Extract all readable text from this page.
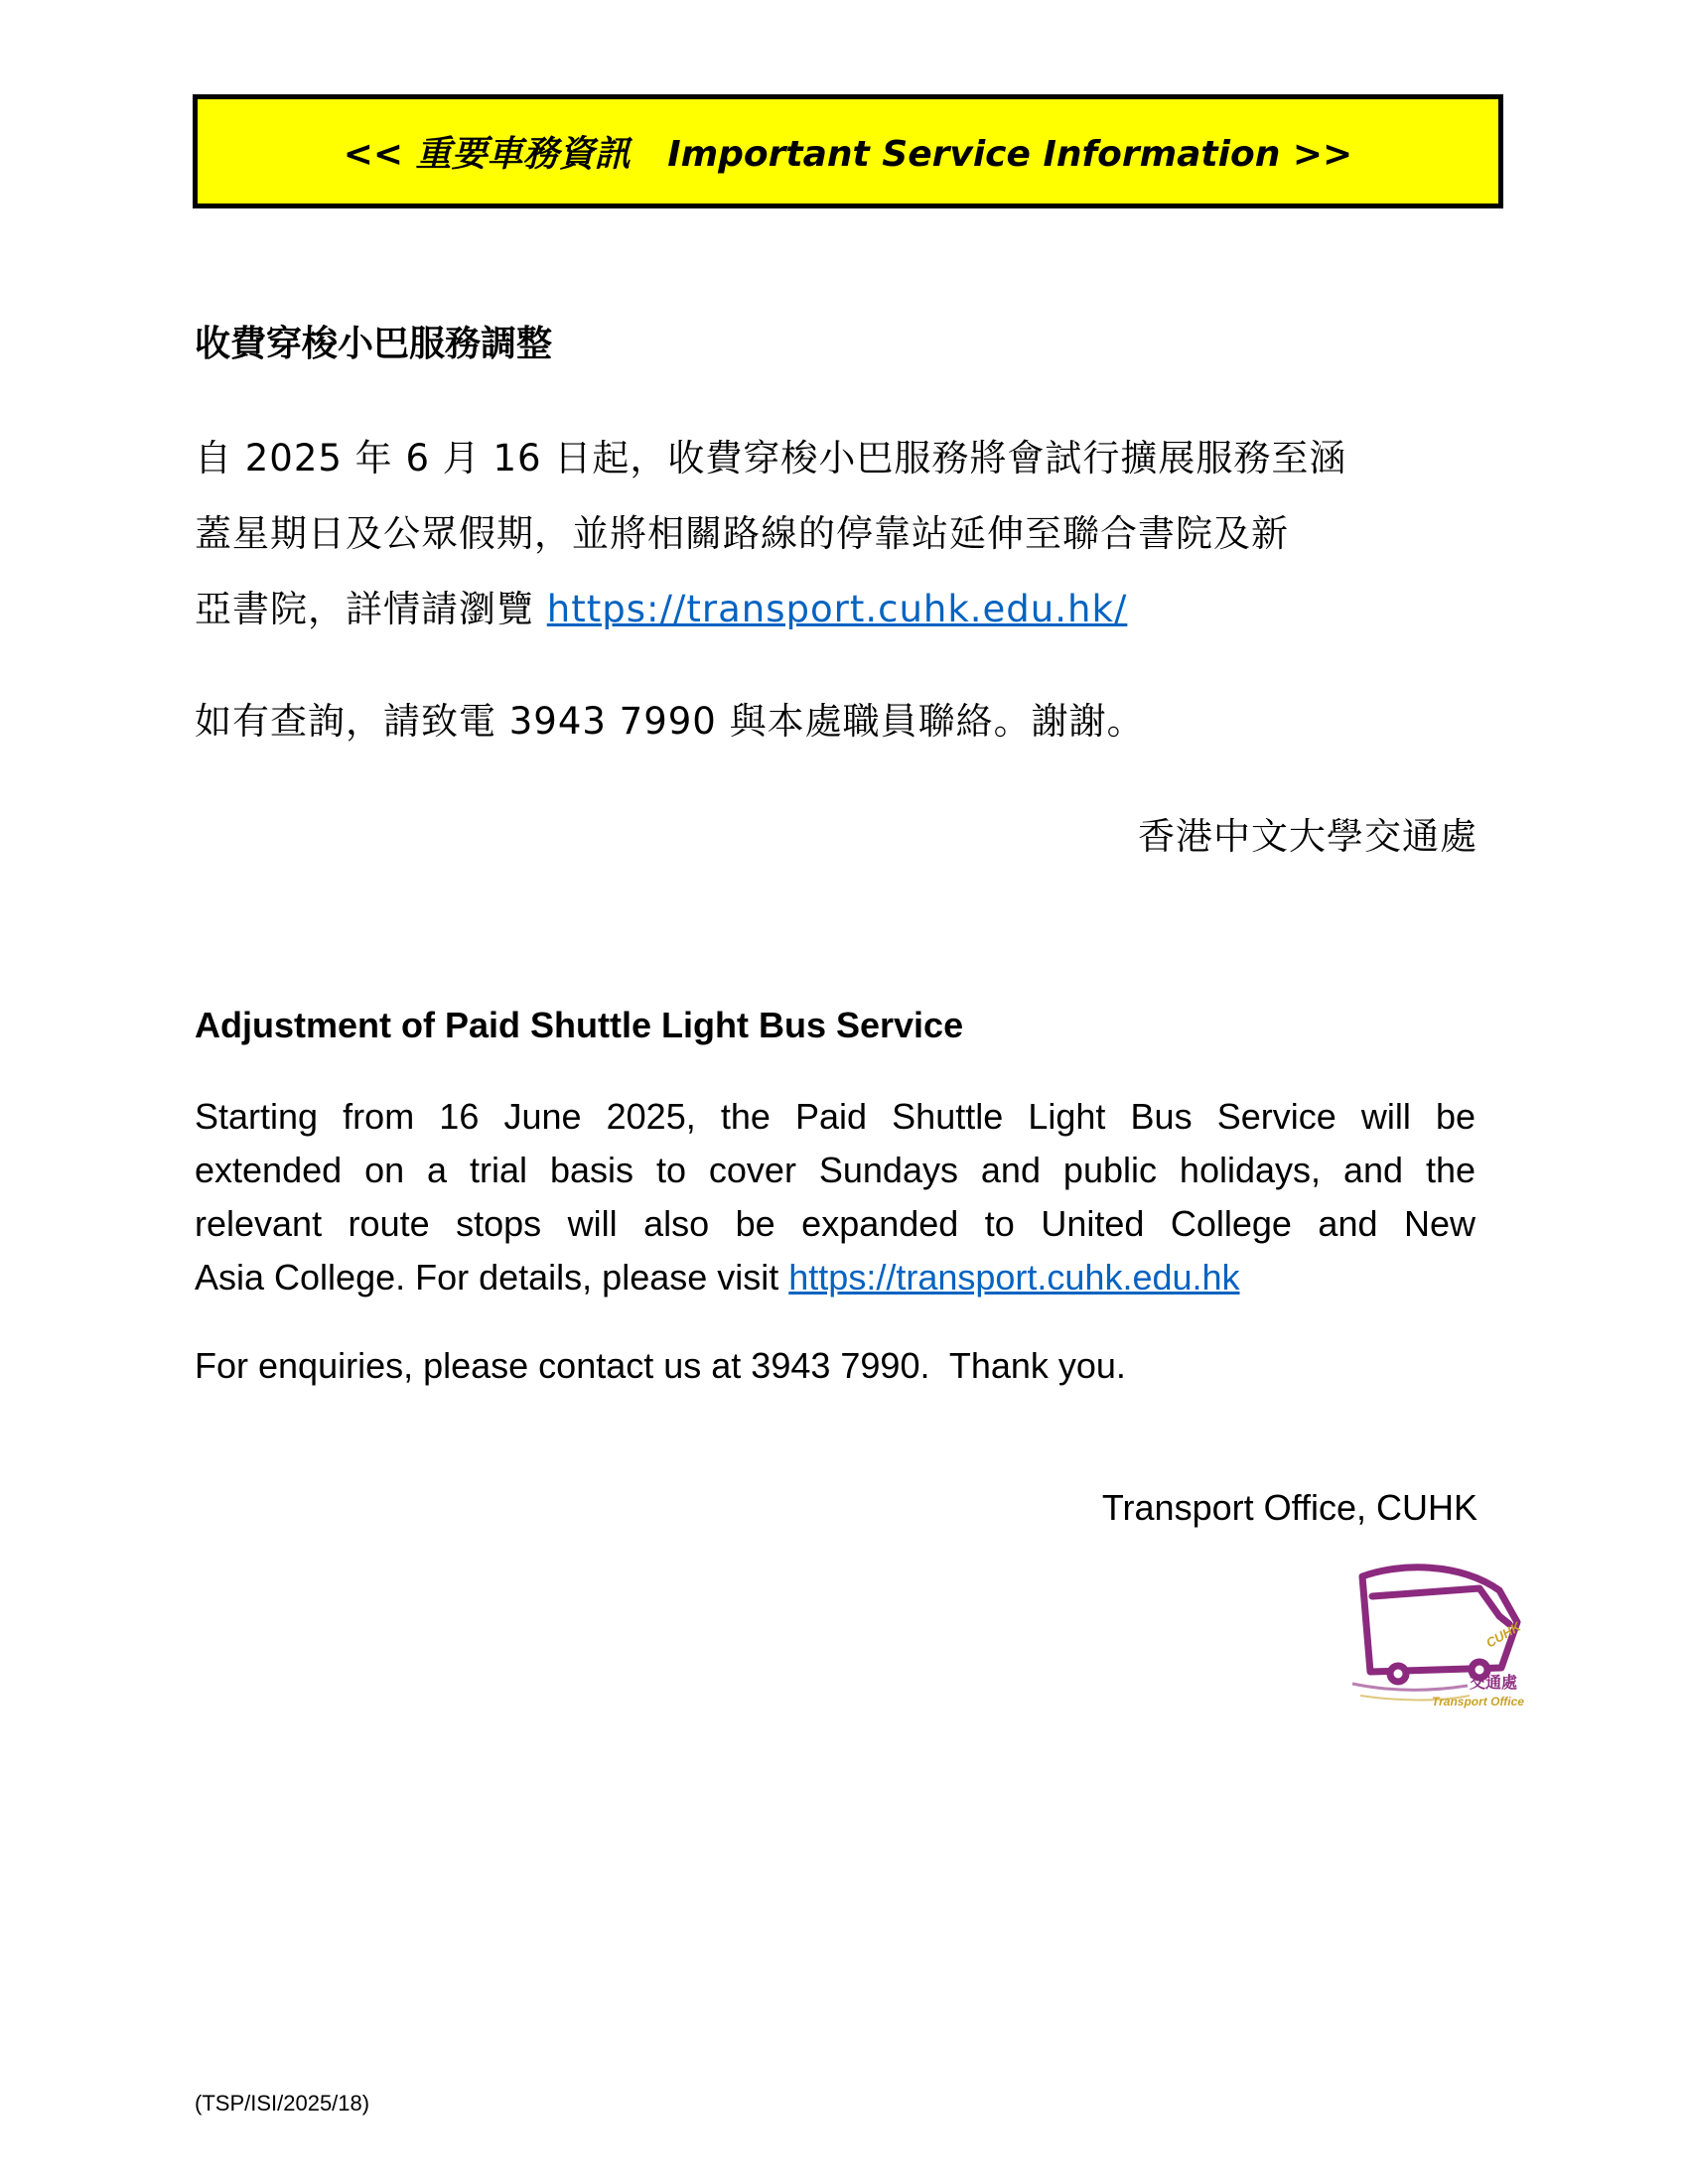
<< 重要車務資訊   Important Service Information >>
收費穿梭小巴服務調整
自 2025 年 6 月 16 日起，收費穿梭小巴服務將會試行擴展服務至涵
蓋星期日及公眾假期，並將相關路線的停靠站延伸至聯合書院及新
亞書院，詳情請瀏覽 https://transport.cuhk.edu.hk/
如有查詢，請致電 3943 7990 與本處職員聯絡。謝謝。
香港中文大學交通處
Adjustment of Paid Shuttle Light Bus Service
Starting from 16 June 2025, the Paid Shuttle Light Bus Service will be
extended on a trial basis to cover Sundays and public holidays, and the
relevant route stops will also be expanded to United College and New
Asia College. For details, please visit https://transport.cuhk.edu.hk
For enquiries, please contact us at 3943 7990.  Thank you.
Transport Office, CUHK
CUHK
交通處
Transport Office
(TSP/ISI/2025/18)
